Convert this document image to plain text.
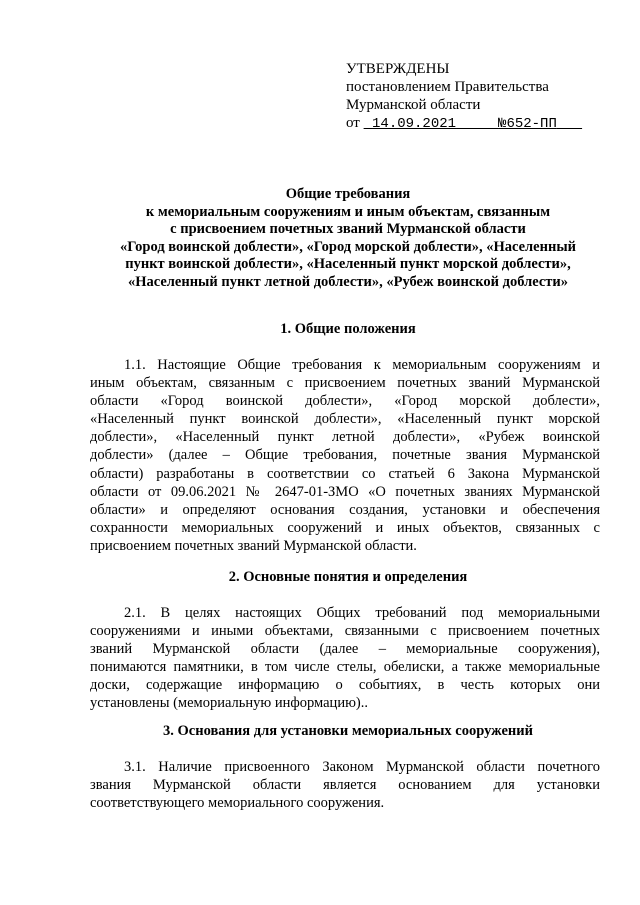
УТВЕРЖДЕНЫ
постановлением Правительства
Мурманской области
от 14.09.2021	№652-ПП
Общие требования
к мемориальным сооружениям и иным объектам, связанным
с присвоением почетных званий Мурманской области
«Город воинской доблести», «Город морской доблести», «Населенный
пункт воинской доблести», «Населенный пункт морской доблести»,
«Населенный пункт летной доблести», «Рубеж воинской доблести»
1. Общие положения
1.1. Настоящие Общие требования к мемориальным сооружениям и
иным объектам, связанным с присвоением почетных званий Мурманской
области «Город воинской доблести», «Город морской доблести»,
«Населенный пункт воинской доблести», «Населенный пункт морской
доблести», «Населенный пункт летной доблести», «Рубеж воинской
доблести» (далее – Общие требования, почетные звания Мурманской
области) разработаны в соответствии со статьей 6 Закона Мурманской
области от 09.06.2021 № 2647-01-ЗМО «О почетных званиях Мурманской
области» и определяют основания создания, установки и обеспечения
сохранности мемориальных сооружений и иных объектов, связанных с
присвоением почетных званий Мурманской области.
2. Основные понятия и определения
2.1. В целях настоящих Общих требований под мемориальными
сооружениями и иными объектами, связанными с присвоением почетных
званий Мурманской области (далее – мемориальные сооружения),
понимаются памятники, в том числе стелы, обелиски, а также мемориальные
доски, содержащие информацию о событиях, в честь которых они
установлены (мемориальную информацию)..
3. Основания для установки мемориальных сооружений
3.1. Наличие присвоенного Законом Мурманской области почетного
звания Мурманской области является основанием для установки
соответствующего мемориального сооружения.
